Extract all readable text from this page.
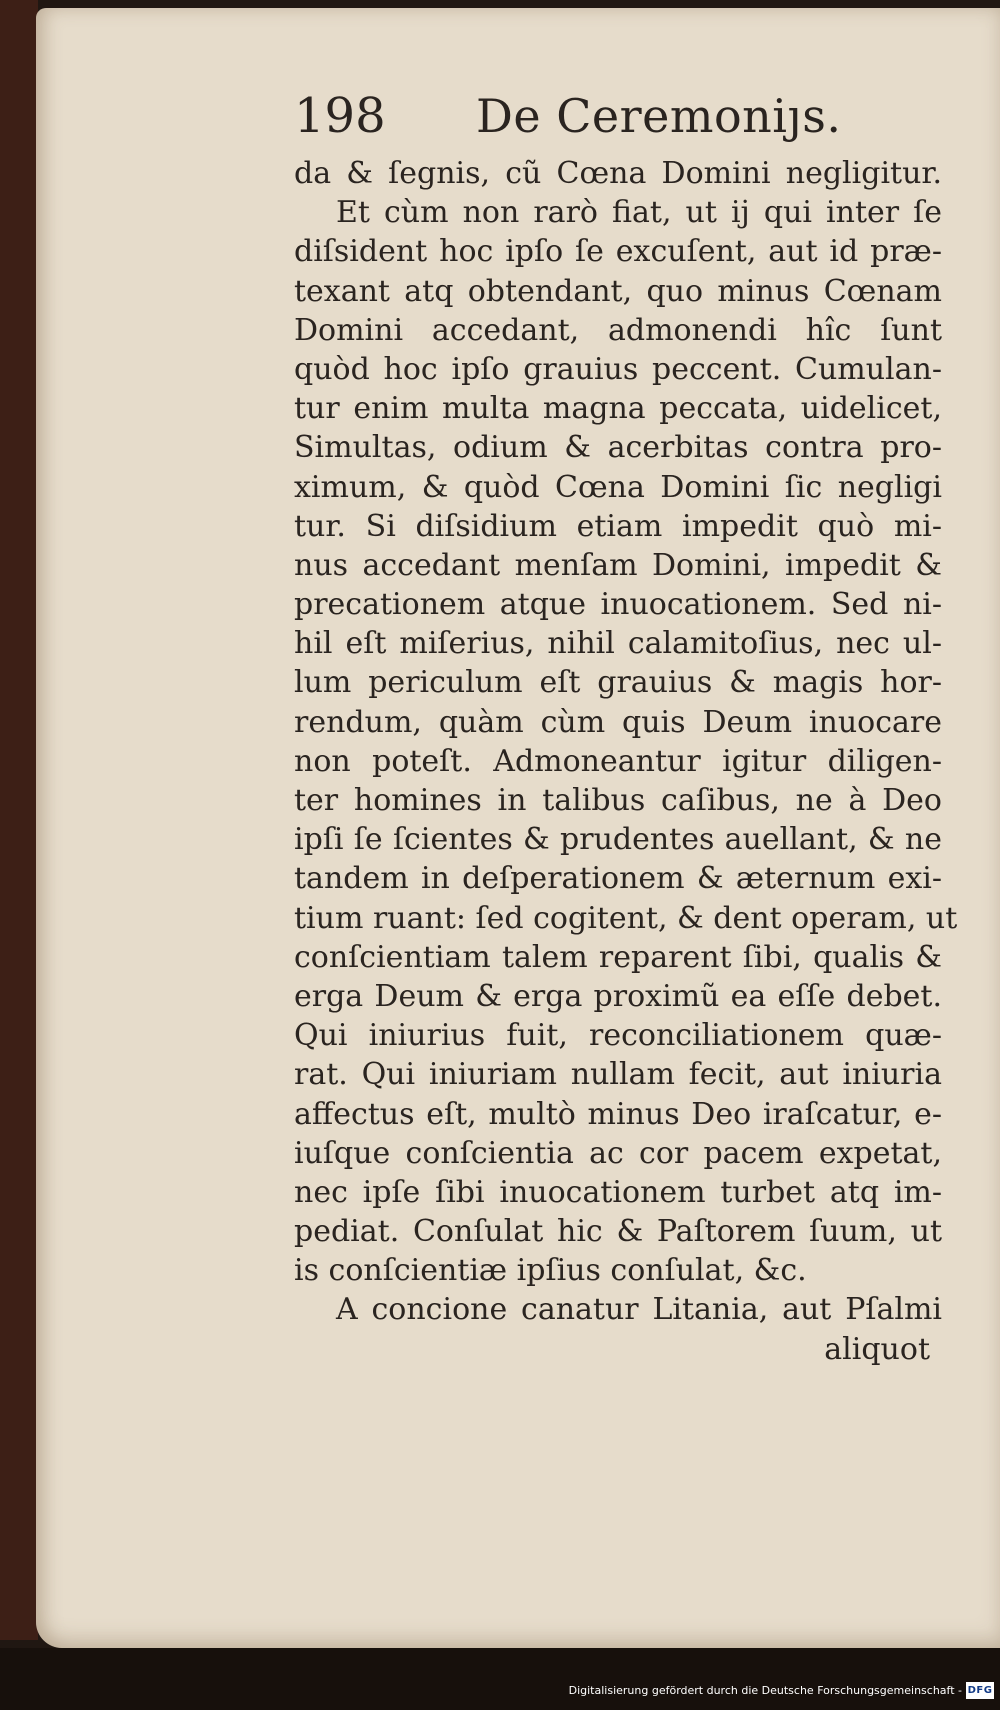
198 De Ceremoniȷs.
da & ſegnis, cũ Cœna Domini negligitur.
Et cùm non rarò fiat, ut ij qui inter ſe
diſsident hoc ipſo ſe excuſent, aut id præ-
texant atq obtendant, quo minus Cœnam
Domini accedant, admonendi hîc ſunt
quòd hoc ipſo grauius peccent. Cumulan-
tur enim multa magna peccata, uidelicet,
Simultas, odium & acerbitas contra pro-
ximum, & quòd Cœna Domini ſic negligi
tur. Si diſsidium etiam impedit quò mi-
nus accedant menſam Domini, impedit &
precationem atque inuocationem. Sed ni-
hil eſt miſerius, nihil calamitoſius, nec ul-
lum periculum eſt grauius & magis hor-
rendum, quàm cùm quis Deum inuocare
non poteſt. Admoneantur igitur diligen-
ter homines in talibus caſibus, ne à Deo
ipſi ſe ſcientes & prudentes auellant, & ne
tandem in deſperationem & æternum exi-
tium ruant: ſed cogitent, & dent operam, ut
conſcientiam talem reparent ſibi, qualis &
erga Deum & erga proximũ ea eſſe debet.
Qui iniurius fuit, reconciliationem quæ-
rat. Qui iniuriam nullam fecit, aut iniuria
affectus eſt, multò minus Deo iraſcatur, e-
iuſque conſcientia ac cor pacem expetat,
nec ipſe ſibi inuocationem turbet atq im-
pediat. Conſulat hic & Paſtorem ſuum, ut
is conſcientiæ ipſius conſulat, &c.
A concione canatur Litania, aut Pſalmi
aliquot
Digitalisierung gefördert durch die Deutsche Forschungsgemeinschaft - DFG
